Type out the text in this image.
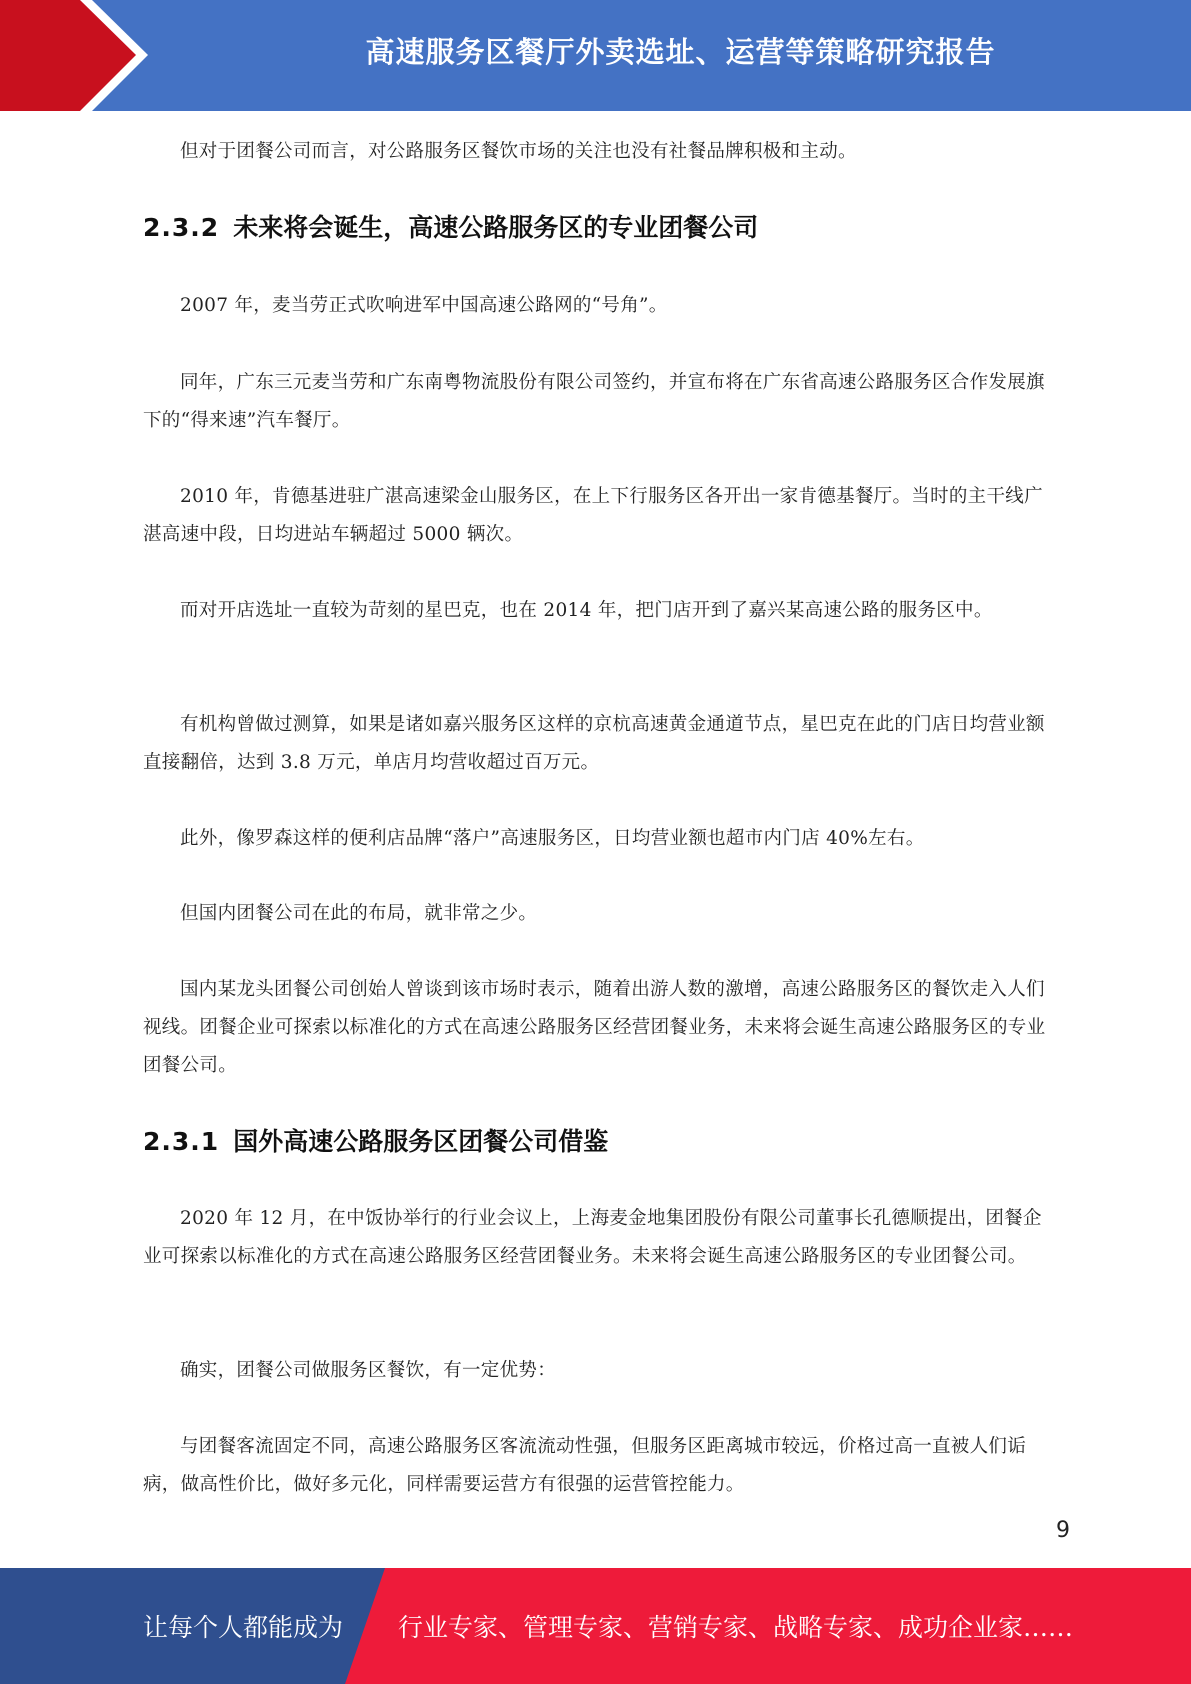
高速服务区餐厅外卖选址、运营等策略研究报告

但对于团餐公司而言，对公路服务区餐饮市场的关注也没有社餐品牌积极和主动。

2.3.2 未来将会诞生，高速公路服务区的专业团餐公司

2007 年，麦当劳正式吹响进军中国高速公路网的“号角”。

同年，广东三元麦当劳和广东南粤物流股份有限公司签约，并宣布将在广东省高速公路服务区合作发展旗下的“得来速”汽车餐厅。

2010 年，肯德基进驻广湛高速梁金山服务区，在上下行服务区各开出一家肯德基餐厅。当时的主干线广湛高速中段，日均进站车辆超过 5000 辆次。

而对开店选址一直较为苛刻的星巴克，也在 2014 年，把门店开到了嘉兴某高速公路的服务区中。

有机构曾做过测算，如果是诸如嘉兴服务区这样的京杭高速黄金通道节点，星巴克在此的门店日均营业额直接翻倍，达到 3.8 万元，单店月均营收超过百万元。

此外，像罗森这样的便利店品牌“落户”高速服务区，日均营业额也超市内门店 40%左右。

但国内团餐公司在此的布局，就非常之少。

国内某龙头团餐公司创始人曾谈到该市场时表示，随着出游人数的激增，高速公路服务区的餐饮走入人们视线。团餐企业可探索以标准化的方式在高速公路服务区经营团餐业务，未来将会诞生高速公路服务区的专业团餐公司。

2.3.1 国外高速公路服务区团餐公司借鉴

2020 年 12 月，在中饭协举行的行业会议上，上海麦金地集团股份有限公司董事长孔德顺提出，团餐企业可探索以标准化的方式在高速公路服务区经营团餐业务。未来将会诞生高速公路服务区的专业团餐公司。

确实，团餐公司做服务区餐饮，有一定优势：

与团餐客流固定不同，高速公路服务区客流流动性强，但服务区距离城市较远，价格过高一直被人们诟病，做高性价比，做好多元化，同样需要运营方有很强的运营管控能力。

9
让每个人都能成为 行业专家、管理专家、营销专家、战略专家、成功企业家……
